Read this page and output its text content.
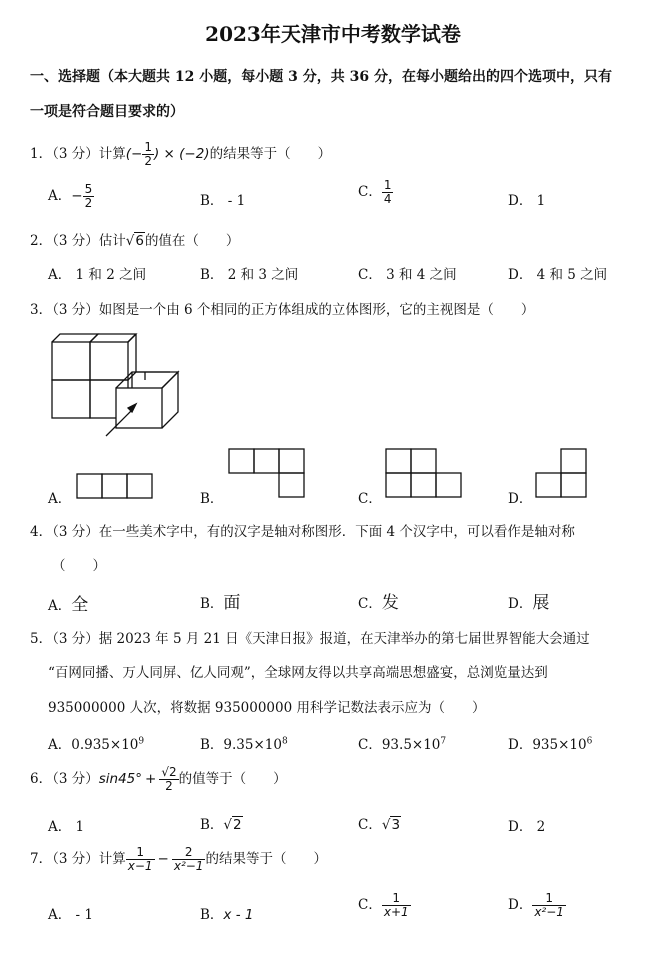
2023年天津市中考数学试卷
一、选择题（本大题共 12 小题，每小题 3 分，共 36 分，在每小题给出的四个选项中，只有
一项是符合题目要求的）
1．（3 分）计算(− $\frac{1}{2}$ ) × (−2)的结果等于（　　）
A．− $\frac{5}{2}$	B． ‑ 1
C． $\frac{1}{4}$	D． 1
2．（3 分）估计√6的值在（　　）
A． 1 和 2 之间	B． 2 和 3 之间	C． 3 和 4 之间	D． 4 和 5 之间
3．（3 分）如图是一个由 6 个相同的正方体组成的立体图形，它的主视图是（　　）
A．	B．	C．	D．
4．（3 分）在一些美术字中，有的汉字是轴对称图形．下面 4 个汉字中，可以看作是轴对称
（　　）
A．全	B．面	C．发	D．展
5．（3 分）据 2023 年 5 月 21 日《天津日报》报道，在天津举办的第七届世界智能大会通过
“百网同播、万人同屏、亿人同观”，全球网友得以共享高端思想盛宴，总浏览量达到
935000000 人次，将数据 935000000 用科学记数法表示应为（　　）
A．$0.935\times 10^9$	B．$9.35\times 10^8$	C．$93.5\times 10^7$	D．$935\times 10^6$
6．（3 分）$\sin 45^\circ + \frac{√2}{2}$ 的值等于（　　）
A． 1	B．√2	C．√3	D． 2
7．（3 分）计算 $\frac{1}{x-1} - \frac{2}{\text{x²−1}}$ 的结果等于（　　）
A． ‑ 1	B．x ‑ 1
C． $\frac{1}{x+1}$	D． $\frac{1}{\text{x²−1}}$
